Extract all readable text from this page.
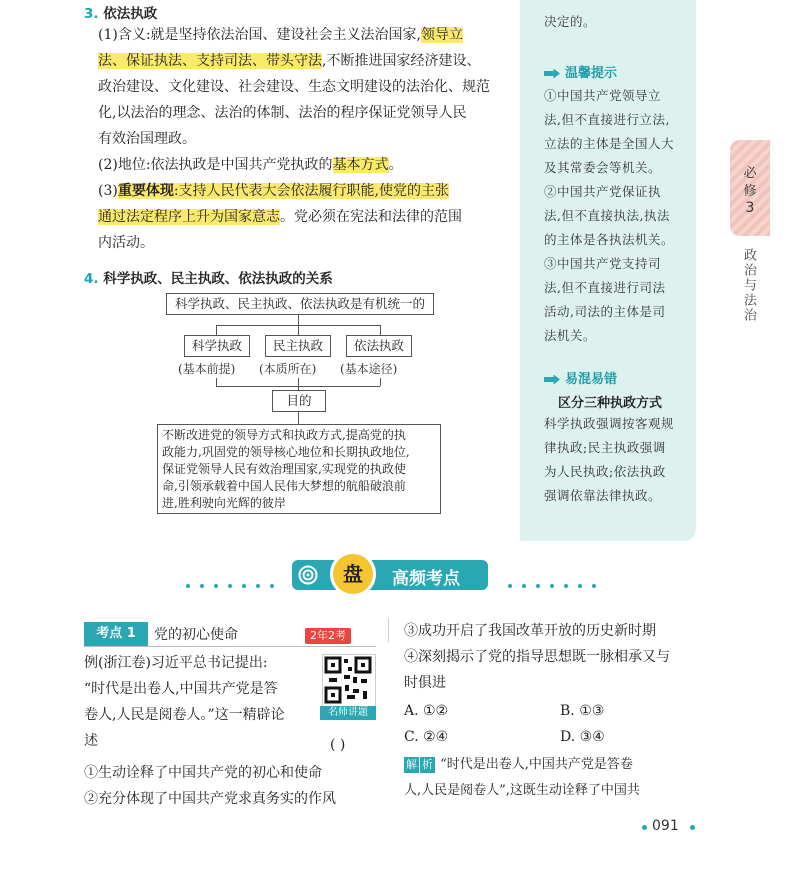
3. 依法执政
(1)含义:就是坚持依法治国、建设社会主义法治国家,领导立
法、保证执法、支持司法、带头守法,不断推进国家经济建设、
政治建设、文化建设、社会建设、生态文明建设的法治化、规范
化,以法治的理念、法治的体制、法治的程序保证党领导人民
有效治国理政。
(2)地位:依法执政是中国共产党执政的基本方式。
(3)重要体现:支持人民代表大会依法履行职能,使党的主张
通过法定程序上升为国家意志。党必须在宪法和法律的范围
内活动。
4. 科学执政、民主执政、依法执政的关系
科学执政、民主执政、依法执政是有机统一的
科学执政	民主执政	依法执政
(基本前提) (本质所在) (基本途径)
目的
不断改进党的领导方式和执政方式,提高党的执
政能力,巩固党的领导核心地位和长期执政地位,
保证党领导人民有效治理国家,实现党的执政使
命,引领承载着中国人民伟大梦想的航船破浪前
进,胜利驶向光辉的彼岸
决定的。
温馨提示
①中国共产党领导立
法,但不直接进行立法,
立法的主体是全国人大
及其常委会等机关。
②中国共产党保证执
法,但不直接执法,执法
的主体是各执法机关。
③中国共产党支持司
法,但不直接进行司法
活动,司法的主体是司
法机关。
易混易错
区分三种执政方式
科学执政强调按客观规
律执政;民主执政强调
为人民执政;依法执政
强调依靠法律执政。
必
修
3
政治与法治
高频考点
盘
考点 1	党的初心使命	2年2考
例(浙江卷)习近平总书记提出:
“时代是出卷人,中国共产党是答
卷人,人民是阅卷人。”这一精辟论
述	( )
名师讲题
①生动诠释了中国共产党的初心和使命
②充分体现了中国共产党求真务实的作风
③成功开启了我国改革开放的历史新时期
④深刻揭示了党的指导思想既一脉相承又与
时俱进
A. ①②	B. ①③
C. ②④	D. ③④
解 析 “时代是出卷人,中国共产党是答卷
人,人民是阅卷人”,这既生动诠释了中国共
091
